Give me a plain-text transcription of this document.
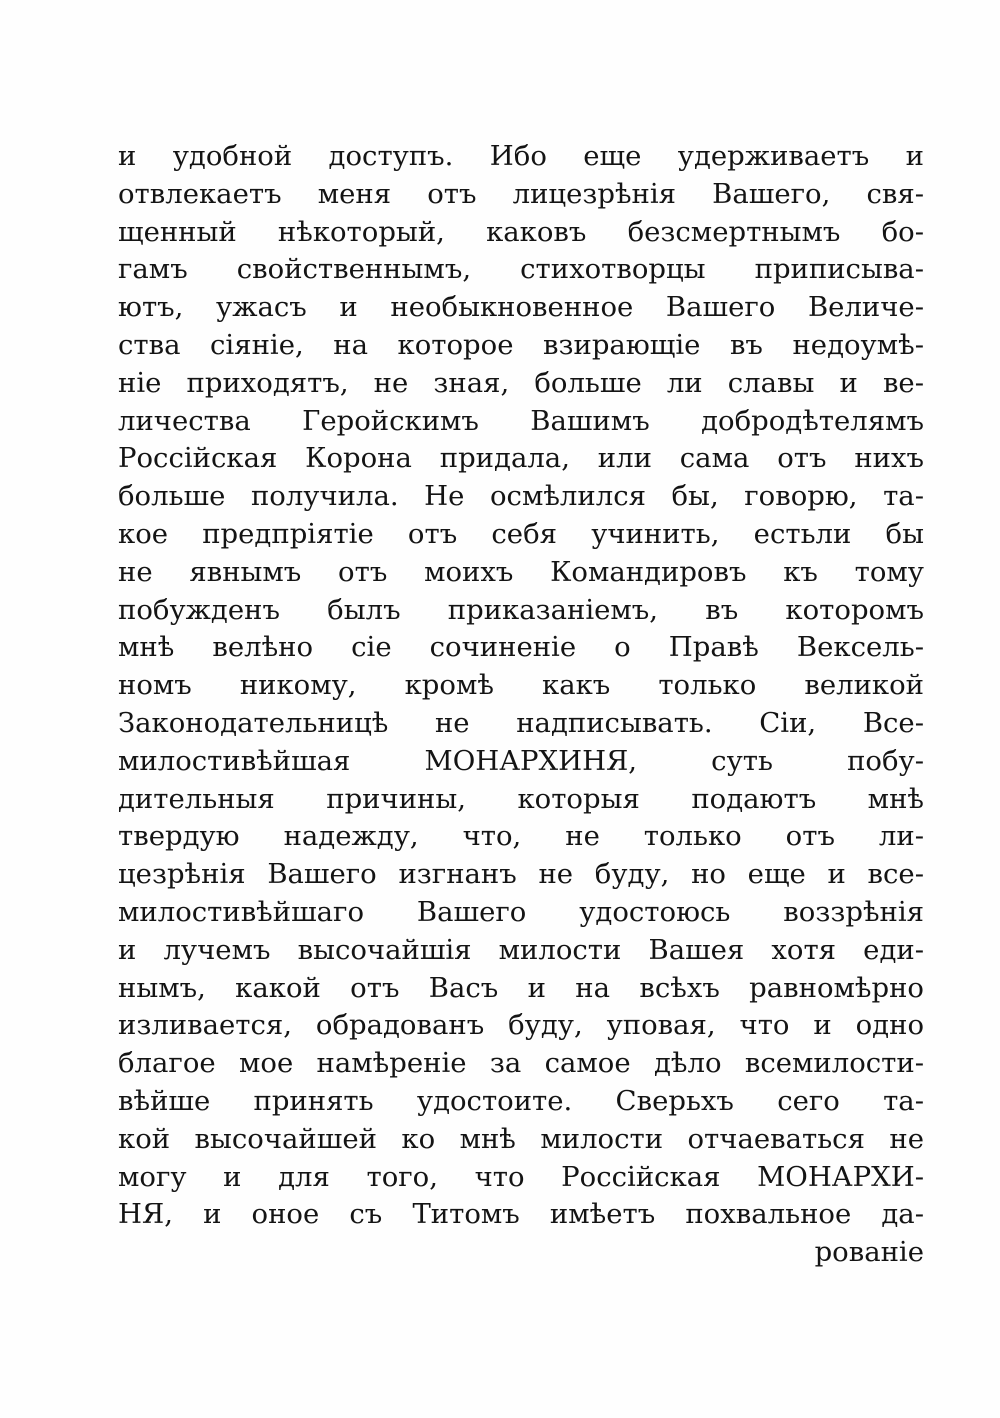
и удобной доступъ. Ибо еще удерживаетъ и
отвлекаетъ меня отъ лицезрѣнія Вашего, свя-
щенный нѣкоторый, каковъ безсмертнымъ бо-
гамъ свойственнымъ, стихотворцы приписыва-
ютъ, ужасъ и необыкновенное Вашего Величе-
ства сіяніе, на которое взирающіе въ недоумѣ-
ніе приходятъ, не зная, больше ли славы и ве-
личества Геройскимъ Вашимъ добродѣтелямъ
Россійская Корона придала, или сама отъ нихъ
больше получила. Не осмѣлился бы, говорю, та-
кое предпріятіе отъ себя учинить, естьли бы
не явнымъ отъ моихъ Командировъ къ тому
побужденъ былъ приказаніемъ, въ которомъ
мнѣ велѣно сіе сочиненіе о Правѣ Вексель-
номъ никому, кромѣ какъ только великой
Законодательницѣ не надписывать. Сіи, Все-
милостивѣйшая МОНАРХИНЯ, суть побу-
дительныя причины, которыя подаютъ мнѣ
твердую надежду, что, не только отъ ли-
цезрѣнія Вашего изгнанъ не буду, но еще и все-
милостивѣйшаго Вашего удостоюсь воззрѣнія
и лучемъ высочайшія милости Вашея хотя еди-
нымъ, какой отъ Васъ и на всѣхъ равномѣрно
изливается, обрадованъ буду, уповая, что и одно
благое мое намѣреніе за самое дѣло всемилости-
вѣйше принять удостоите. Сверьхъ сего та-
кой высочайшей ко мнѣ милости отчаеваться не
могу и для того, что Россійская МОНАРХИ-
НЯ, и оное съ Титомъ имѣетъ похвальное да-
рованіе
